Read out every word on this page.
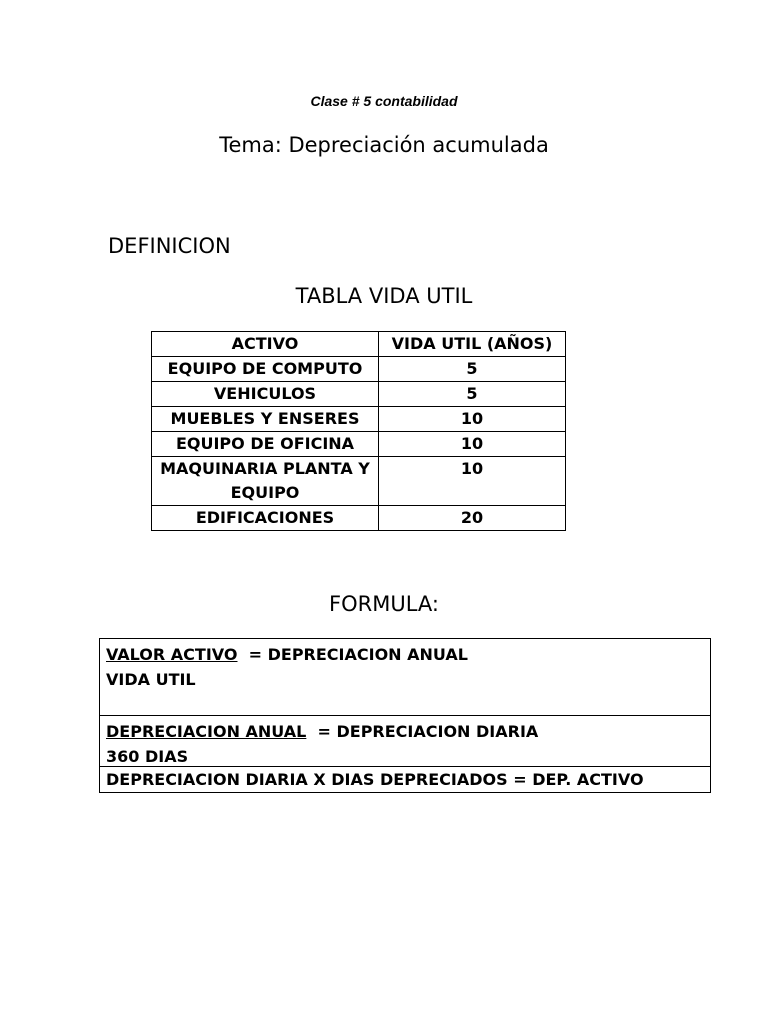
Clase # 5 contabilidad
Tema: Depreciación acumulada
DEFINICION
TABLA VIDA UTIL
ACTIVO	VIDA UTIL (AÑOS)
EQUIPO DE COMPUTO	5
VEHICULOS	5
MUEBLES Y ENSERES	10
EQUIPO DE OFICINA	10
MAQUINARIA PLANTA Y EQUIPO	10
EDIFICACIONES	20
FORMULA:
VALOR ACTIVO = DEPRECIACION ANUAL
VIDA UTIL
DEPRECIACION ANUAL = DEPRECIACION DIARIA
360 DIAS
DEPRECIACION DIARIA X DIAS DEPRECIADOS = DEP. ACTIVO
